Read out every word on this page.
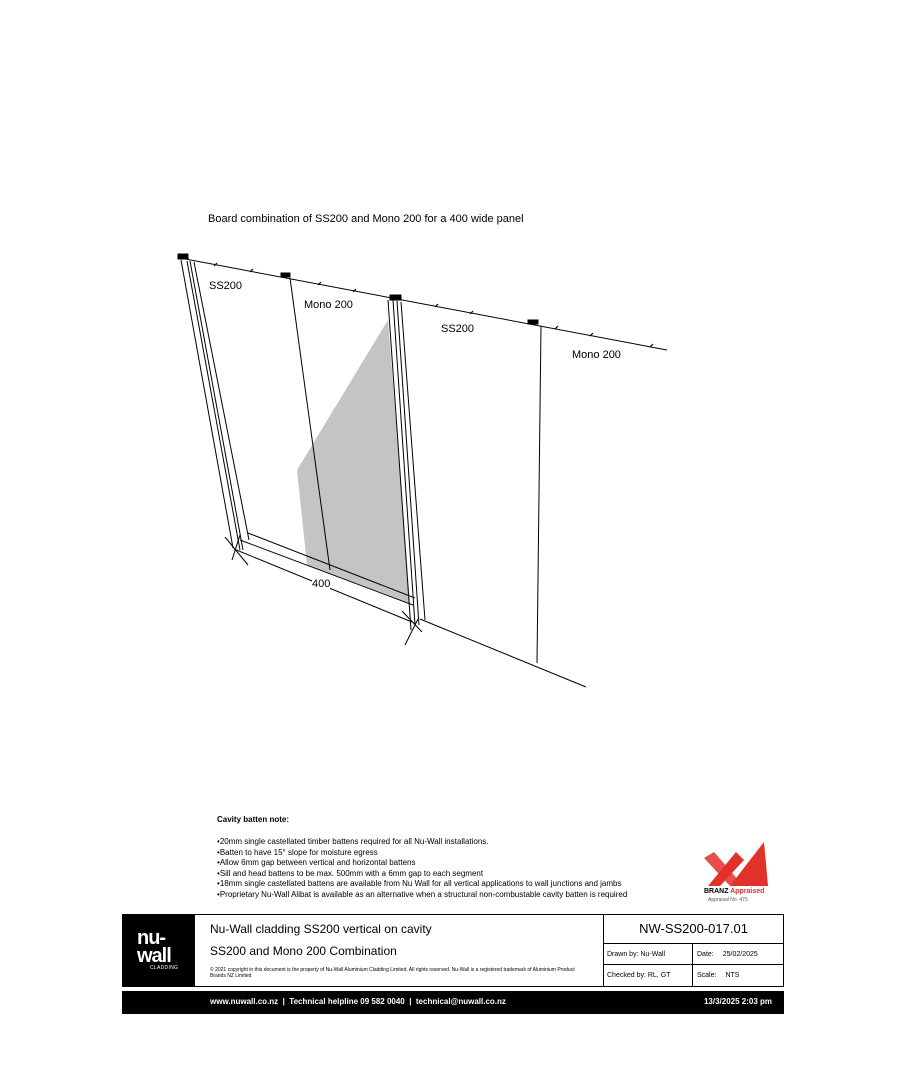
Board combination of SS200 and Mono 200 for a 400 wide panel
SS200
Mono 200
SS200
Mono 200
400
Cavity batten note:
• 20mm single castellated timber battens required for all Nu-Wall installations.
• Batten to have 15° slope for moisture egress
• Allow 6mm gap between vertical and horizontal battens
• Sill and head battens to be max. 500mm with a 6mm gap to each segment
• 18mm single castellated battens are available from Nu Wall for all vertical applications to wall junctions and jambs
• Proprietary Nu-Wall Alibat is available as an alternative when a structural non-combustable cavity batten is required	BRANZ Appraised
Appraisal No. 475
nu-
wall
CLADDING
Nu-Wall cladding SS200 vertical on cavity
SS200 and Mono 200 Combination
© 2021 copyright in this document is the property of Nu-Wall Aluminium Cladding Limited. All rights reserved. Nu-Wall is a registered trademark of Aluminium Product Brands NZ Limited
NW-SS200-017.01
Drawn by: Nu-Wall	Date: 25/02/2025
Checked by: RL, GT	Scale: NTS
www.nuwall.co.nz  |  Technical helpline 09 582 0040  |  technical@nuwall.co.nz	13/3/2025 2:03 pm
